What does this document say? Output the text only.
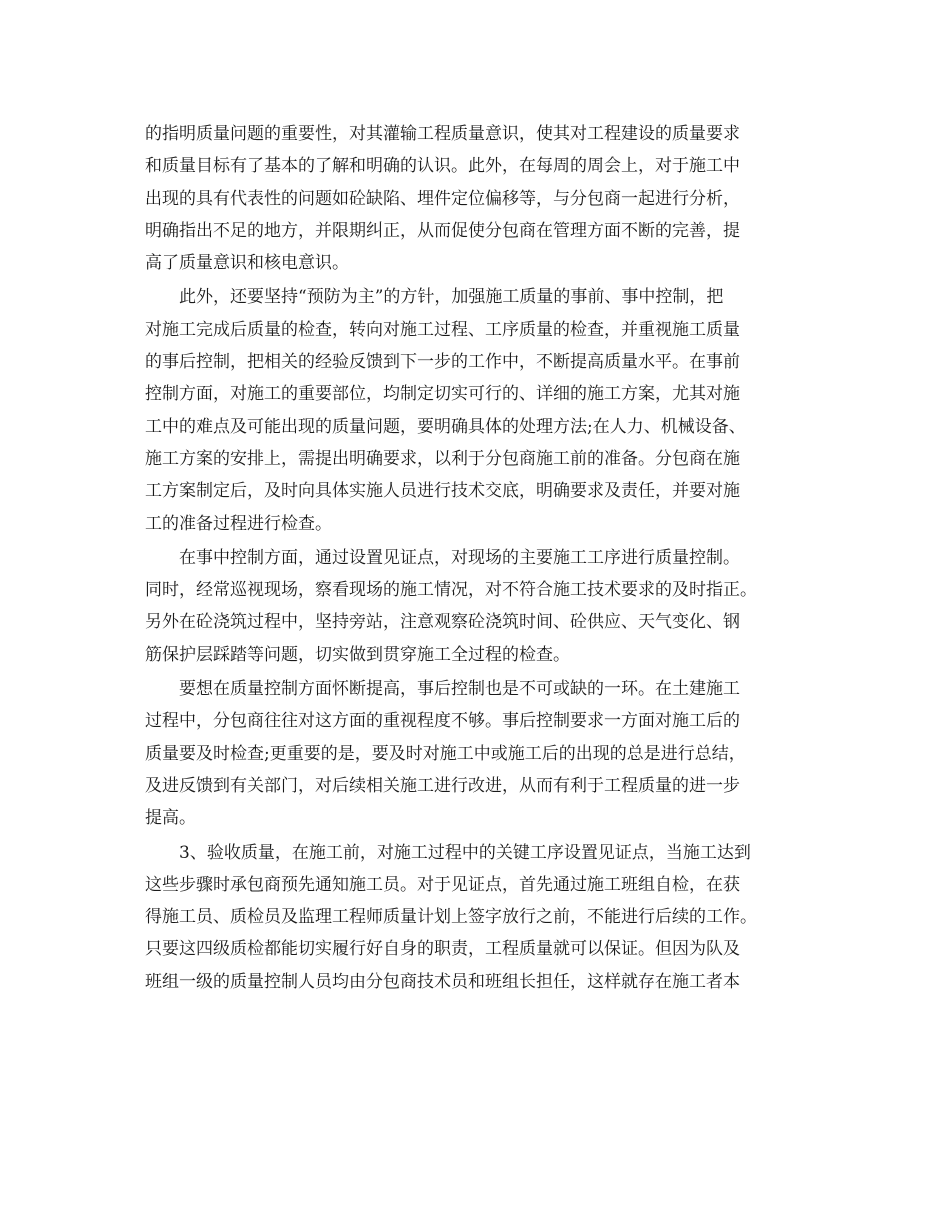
的指明质量问题的重要性，对其灌输工程质量意识，使其对工程建设的质量要求
和质量目标有了基本的了解和明确的认识。此外，在每周的周会上，对于施工中
出现的具有代表性的问题如砼缺陷、埋件定位偏移等，与分包商一起进行分析，
明确指出不足的地方，并限期纠正，从而促使分包商在管理方面不断的完善，提
高了质量意识和核电意识。
此外，还要坚持“预防为主”的方针，加强施工质量的事前、事中控制，把
对施工完成后质量的检查，转向对施工过程、工序质量的检查，并重视施工质量
的事后控制，把相关的经验反馈到下一步的工作中，不断提高质量水平。在事前
控制方面，对施工的重要部位，均制定切实可行的、详细的施工方案，尤其对施
工中的难点及可能出现的质量问题，要明确具体的处理方法;在人力、机械设备、
施工方案的安排上，需提出明确要求，以利于分包商施工前的准备。分包商在施
工方案制定后，及时向具体实施人员进行技术交底，明确要求及责任，并要对施
工的准备过程进行检查。
在事中控制方面，通过设置见证点，对现场的主要施工工序进行质量控制。
同时，经常巡视现场，察看现场的施工情况，对不符合施工技术要求的及时指正。
另外在砼浇筑过程中，坚持旁站，注意观察砼浇筑时间、砼供应、天气变化、钢
筋保护层踩踏等问题，切实做到贯穿施工全过程的检查。
要想在质量控制方面怀断提高，事后控制也是不可或缺的一环。在土建施工
过程中，分包商往往对这方面的重视程度不够。事后控制要求一方面对施工后的
质量要及时检查;更重要的是，要及时对施工中或施工后的出现的总是进行总结，
及进反馈到有关部门，对后续相关施工进行改进，从而有利于工程质量的进一步
提高。
3、验收质量，在施工前，对施工过程中的关键工序设置见证点，当施工达到
这些步骤时承包商预先通知施工员。对于见证点，首先通过施工班组自检，在获
得施工员、质检员及监理工程师质量计划上签字放行之前，不能进行后续的工作。
只要这四级质检都能切实履行好自身的职责，工程质量就可以保证。但因为队及
班组一级的质量控制人员均由分包商技术员和班组长担任，这样就存在施工者本
